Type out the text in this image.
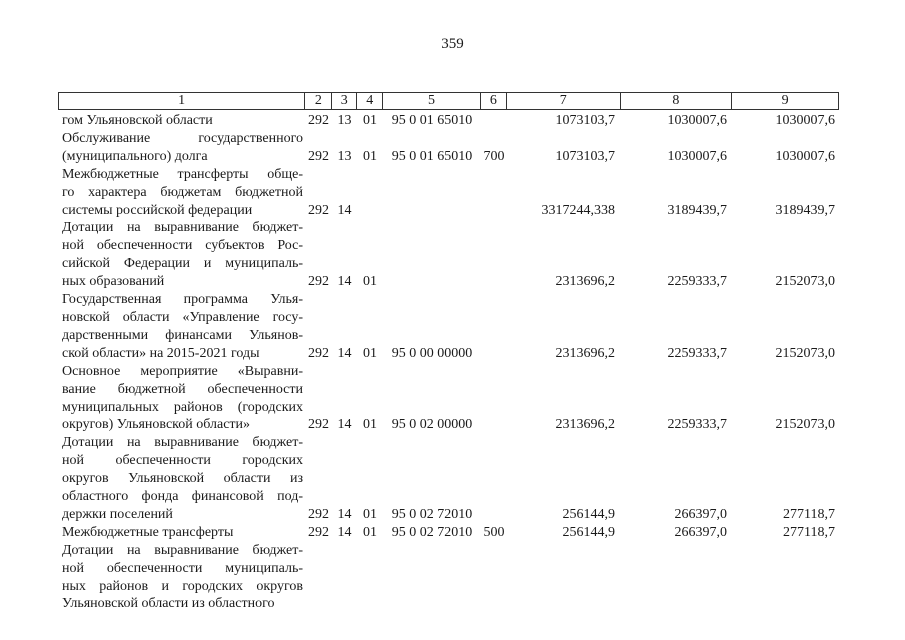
359
1	2	3	4	5	6	7	8	9
гом Ульяновской области	292 13 01	95 0 01 65010	1073103,7	1030007,6	1030007,6
Обслуживание государственного
(муниципального) долга	292 13 01	95 0 01 65010 700	1073103,7	1030007,6	1030007,6
Межбюджетные трансферты обще-
го характера бюджетам бюджетной
системы российской федерации	292 14	3317244,338	3189439,7	3189439,7
Дотации на выравнивание бюджет-
ной обеспеченности субъектов Рос-
сийской Федерации и муниципаль-
ных образований	292 14 01	2313696,2	2259333,7	2152073,0
Государственная программа Улья-
новской области «Управление госу-
дарственными финансами Ульянов-
ской области» на 2015-2021 годы	292 14 01	95 0 00 00000	2313696,2	2259333,7	2152073,0
Основное мероприятие «Выравни-
вание бюджетной обеспеченности
муниципальных районов (городских
округов) Ульяновской области»	292 14 01	95 0 02 00000	2313696,2	2259333,7	2152073,0
Дотации на выравнивание бюджет-
ной обеспеченности городских
округов Ульяновской области из
областного фонда финансовой под-
держки поселений	292 14 01	95 0 02 72010	256144,9	266397,0	277118,7
Межбюджетные трансферты	292 14 01	95 0 02 72010 500	256144,9	266397,0	277118,7
Дотации на выравнивание бюджет-
ной обеспеченности муниципаль-
ных районов и городских округов
Ульяновской области из областного
